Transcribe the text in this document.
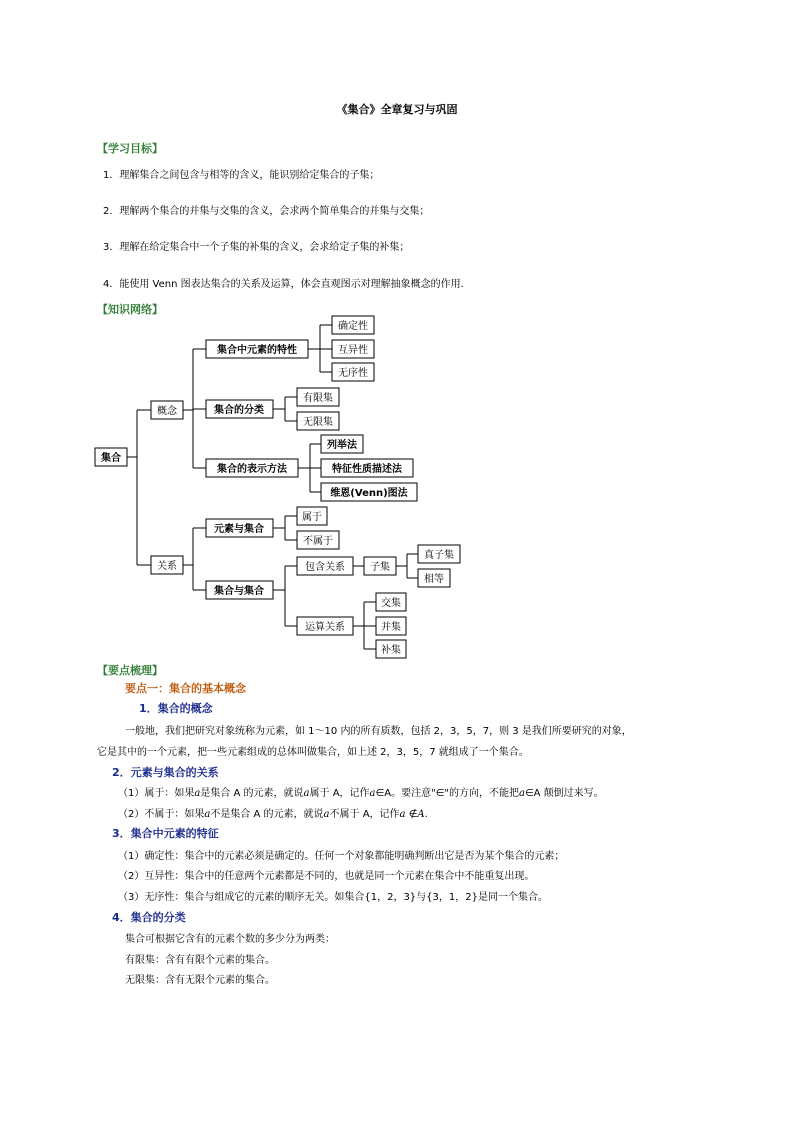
《集合》全章复习与巩固
【学习目标】
1．理解集合之间包含与相等的含义，能识别给定集合的子集；
2．理解两个集合的并集与交集的含义，会求两个简单集合的并集与交集；
3．理解在给定集合中一个子集的补集的含义，会求给定子集的补集；
4．能使用 Venn 图表达集合的关系及运算，体会直观图示对理解抽象概念的作用.
【知识网络】
集合
概念
关系
集合中元素的特性
确定性
互异性
无序性
集合的分类
有限集
无限集
集合的表示方法
列举法
特征性质描述法
维恩(Venn)图法
元素与集合
属于
不属于
集合与集合
包含关系	子集
真子集
相等
运算关系
交集
并集
补集
【要点梳理】
要点一：集合的基本概念
1．集合的概念
一般地，我们把研究对象统称为元素，如 1～10 内的所有质数，包括 2，3，5，7，则 3 是我们所要研究的对象，
它是其中的一个元素，把一些元素组成的总体叫做集合，如上述 2，3，5，7 就组成了一个集合。
2．元素与集合的关系
（1）属于：如果a是集合 A 的元素，就说a属于 A，记作a∈A。要注意"∈"的方向，不能把a∈A 颠倒过来写。
（2）不属于：如果a不是集合 A 的元素，就说a不属于 A，记作a ∉A.
3．集合中元素的特征
（1）确定性：集合中的元素必须是确定的。任何一个对象都能明确判断出它是否为某个集合的元素；
（2）互异性：集合中的任意两个元素都是不同的，也就是同一个元素在集合中不能重复出现。
（3）无序性：集合与组成它的元素的顺序无关。如集合{1，2，3}与{3，1，2}是同一个集合。
4．集合的分类
集合可根据它含有的元素个数的多少分为两类：
有限集：含有有限个元素的集合。
无限集：含有无限个元素的集合。
